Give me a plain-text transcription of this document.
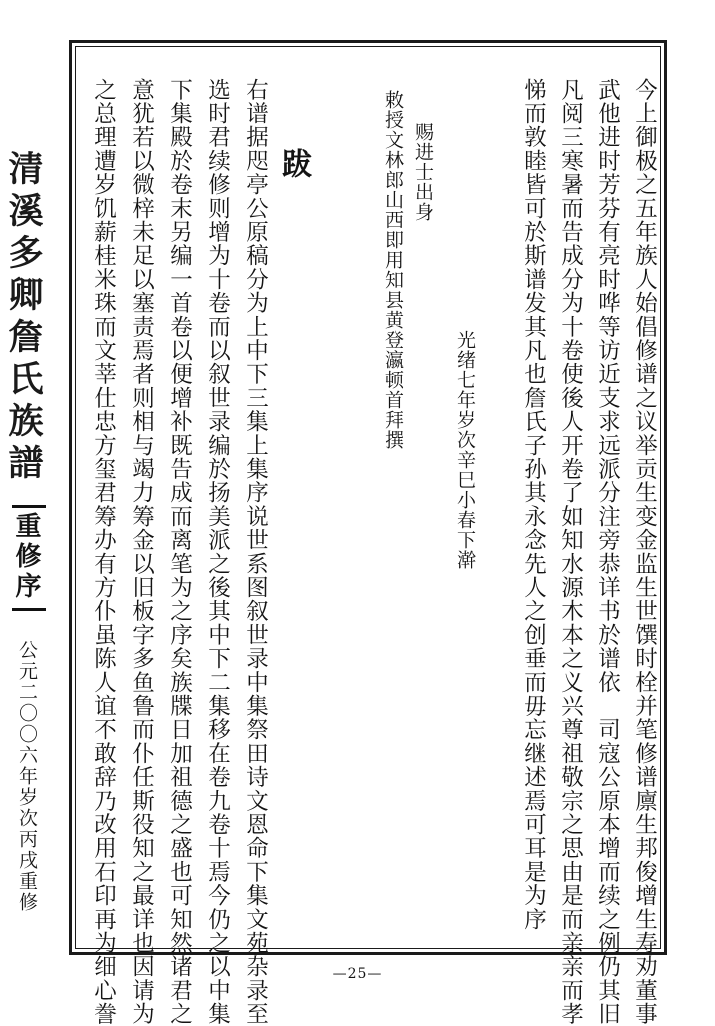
清溪多卿詹氏族譜
重修序
公元二〇〇六年岁次丙戌重修	今上御极之五年族人始倡修谱之议举贡生变金监生世馔时栓并笔修谱廪生邦俊增生寿劝董事
武他进时芳芬有亮时哗等访近支求远派分注旁恭详书於谱依　司寇公原本增而续之例仍其旧
凡阅三寒暑而告成分为十卷使後人开卷了如知水源木本之义兴尊祖敬宗之思由是而亲亲而孝
悌而敦睦皆可於斯谱发其凡也詹氏子孙其永念先人之创垂而毋忘继述焉可耳是为序
光绪七年岁次辛巳小春下澣
赐进士出身
敕授文林郎山西即用知县黄登瀛顿首拜撰
跋
右谱据咫亭公原稿分为上中下三集上集序说世系图叙世录中集祭田诗文恩命下集文苑杂录至
选时君续修则增为十卷而以叙世录编於扬美派之後其中下二集移在卷九卷十焉今仍之以中集
下集殿於卷末另编一首卷以便增补既告成而离笔为之序矣族牒日加祖德之盛也可知然诸君之
意犹若以微梓未足以塞责焉者则相与竭力筹金以旧板字多鱼鲁而仆任斯役知之最详也因请为
之总理遭岁饥薪桂米珠而文莘仕忠方玺君筹办有方仆虽陈人谊不敢辞乃改用石印再为细心誊	—25—
